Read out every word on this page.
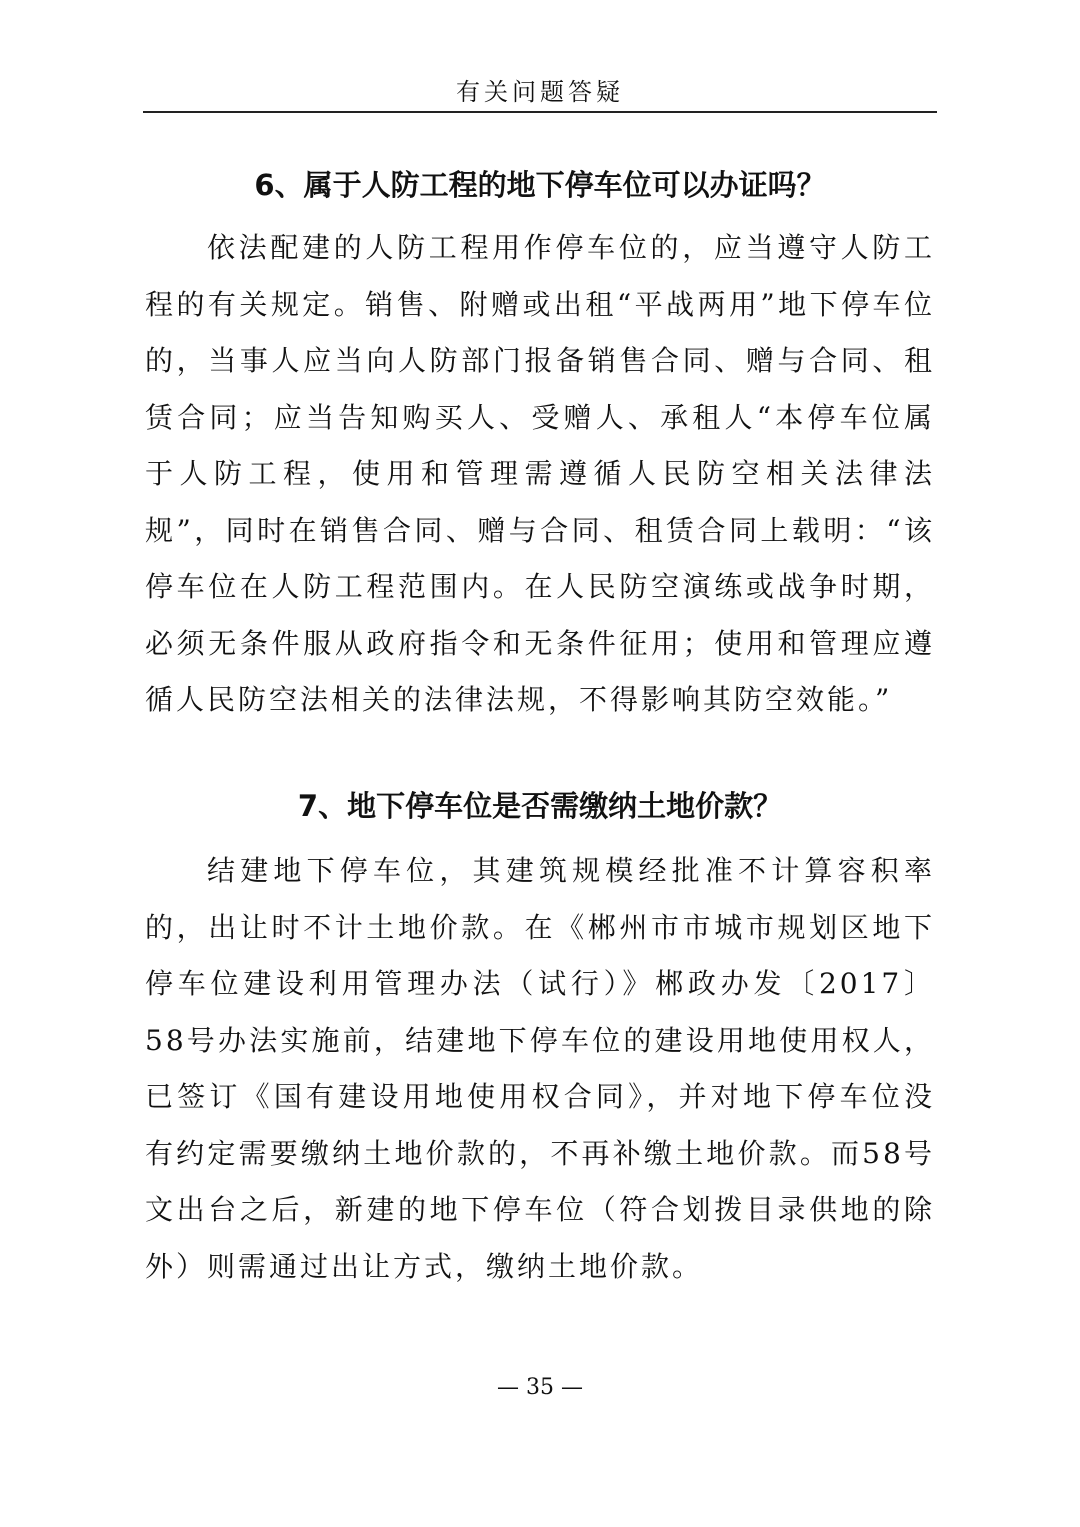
有关问题答疑
6、属于人防工程的地下停车位可以办证吗？

依法配建的人防工程用作停车位的，应当遵守人防工程的有关规定。销售、附赠或出租“平战两用”地下停车位的，当事人应当向人防部门报备销售合同、赠与合同、租赁合同；应当告知购买人、受赠人、承租人“本停车位属于人防工程，使用和管理需遵循人民防空相关法律法规”，同时在销售合同、赠与合同、租赁合同上载明：“该停车位在人防工程范围内。在人民防空演练或战争时期，必须无条件服从政府指令和无条件征用；使用和管理应遵循人民防空法相关的法律法规，不得影响其防空效能。”

7、地下停车位是否需缴纳土地价款？

结建地下停车位，其建筑规模经批准不计算容积率的，出让时不计土地价款。在《郴州市市城市规划区地下停车位建设利用管理办法（试行）》郴政办发〔2017〕58号办法实施前，结建地下停车位的建设用地使用权人，已签订《国有建设用地使用权合同》，并对地下停车位没有约定需要缴纳土地价款的，不再补缴土地价款。而58号文出台之后，新建的地下停车位（符合划拨目录供地的除外）则需通过出让方式，缴纳土地价款。

— 35 —
